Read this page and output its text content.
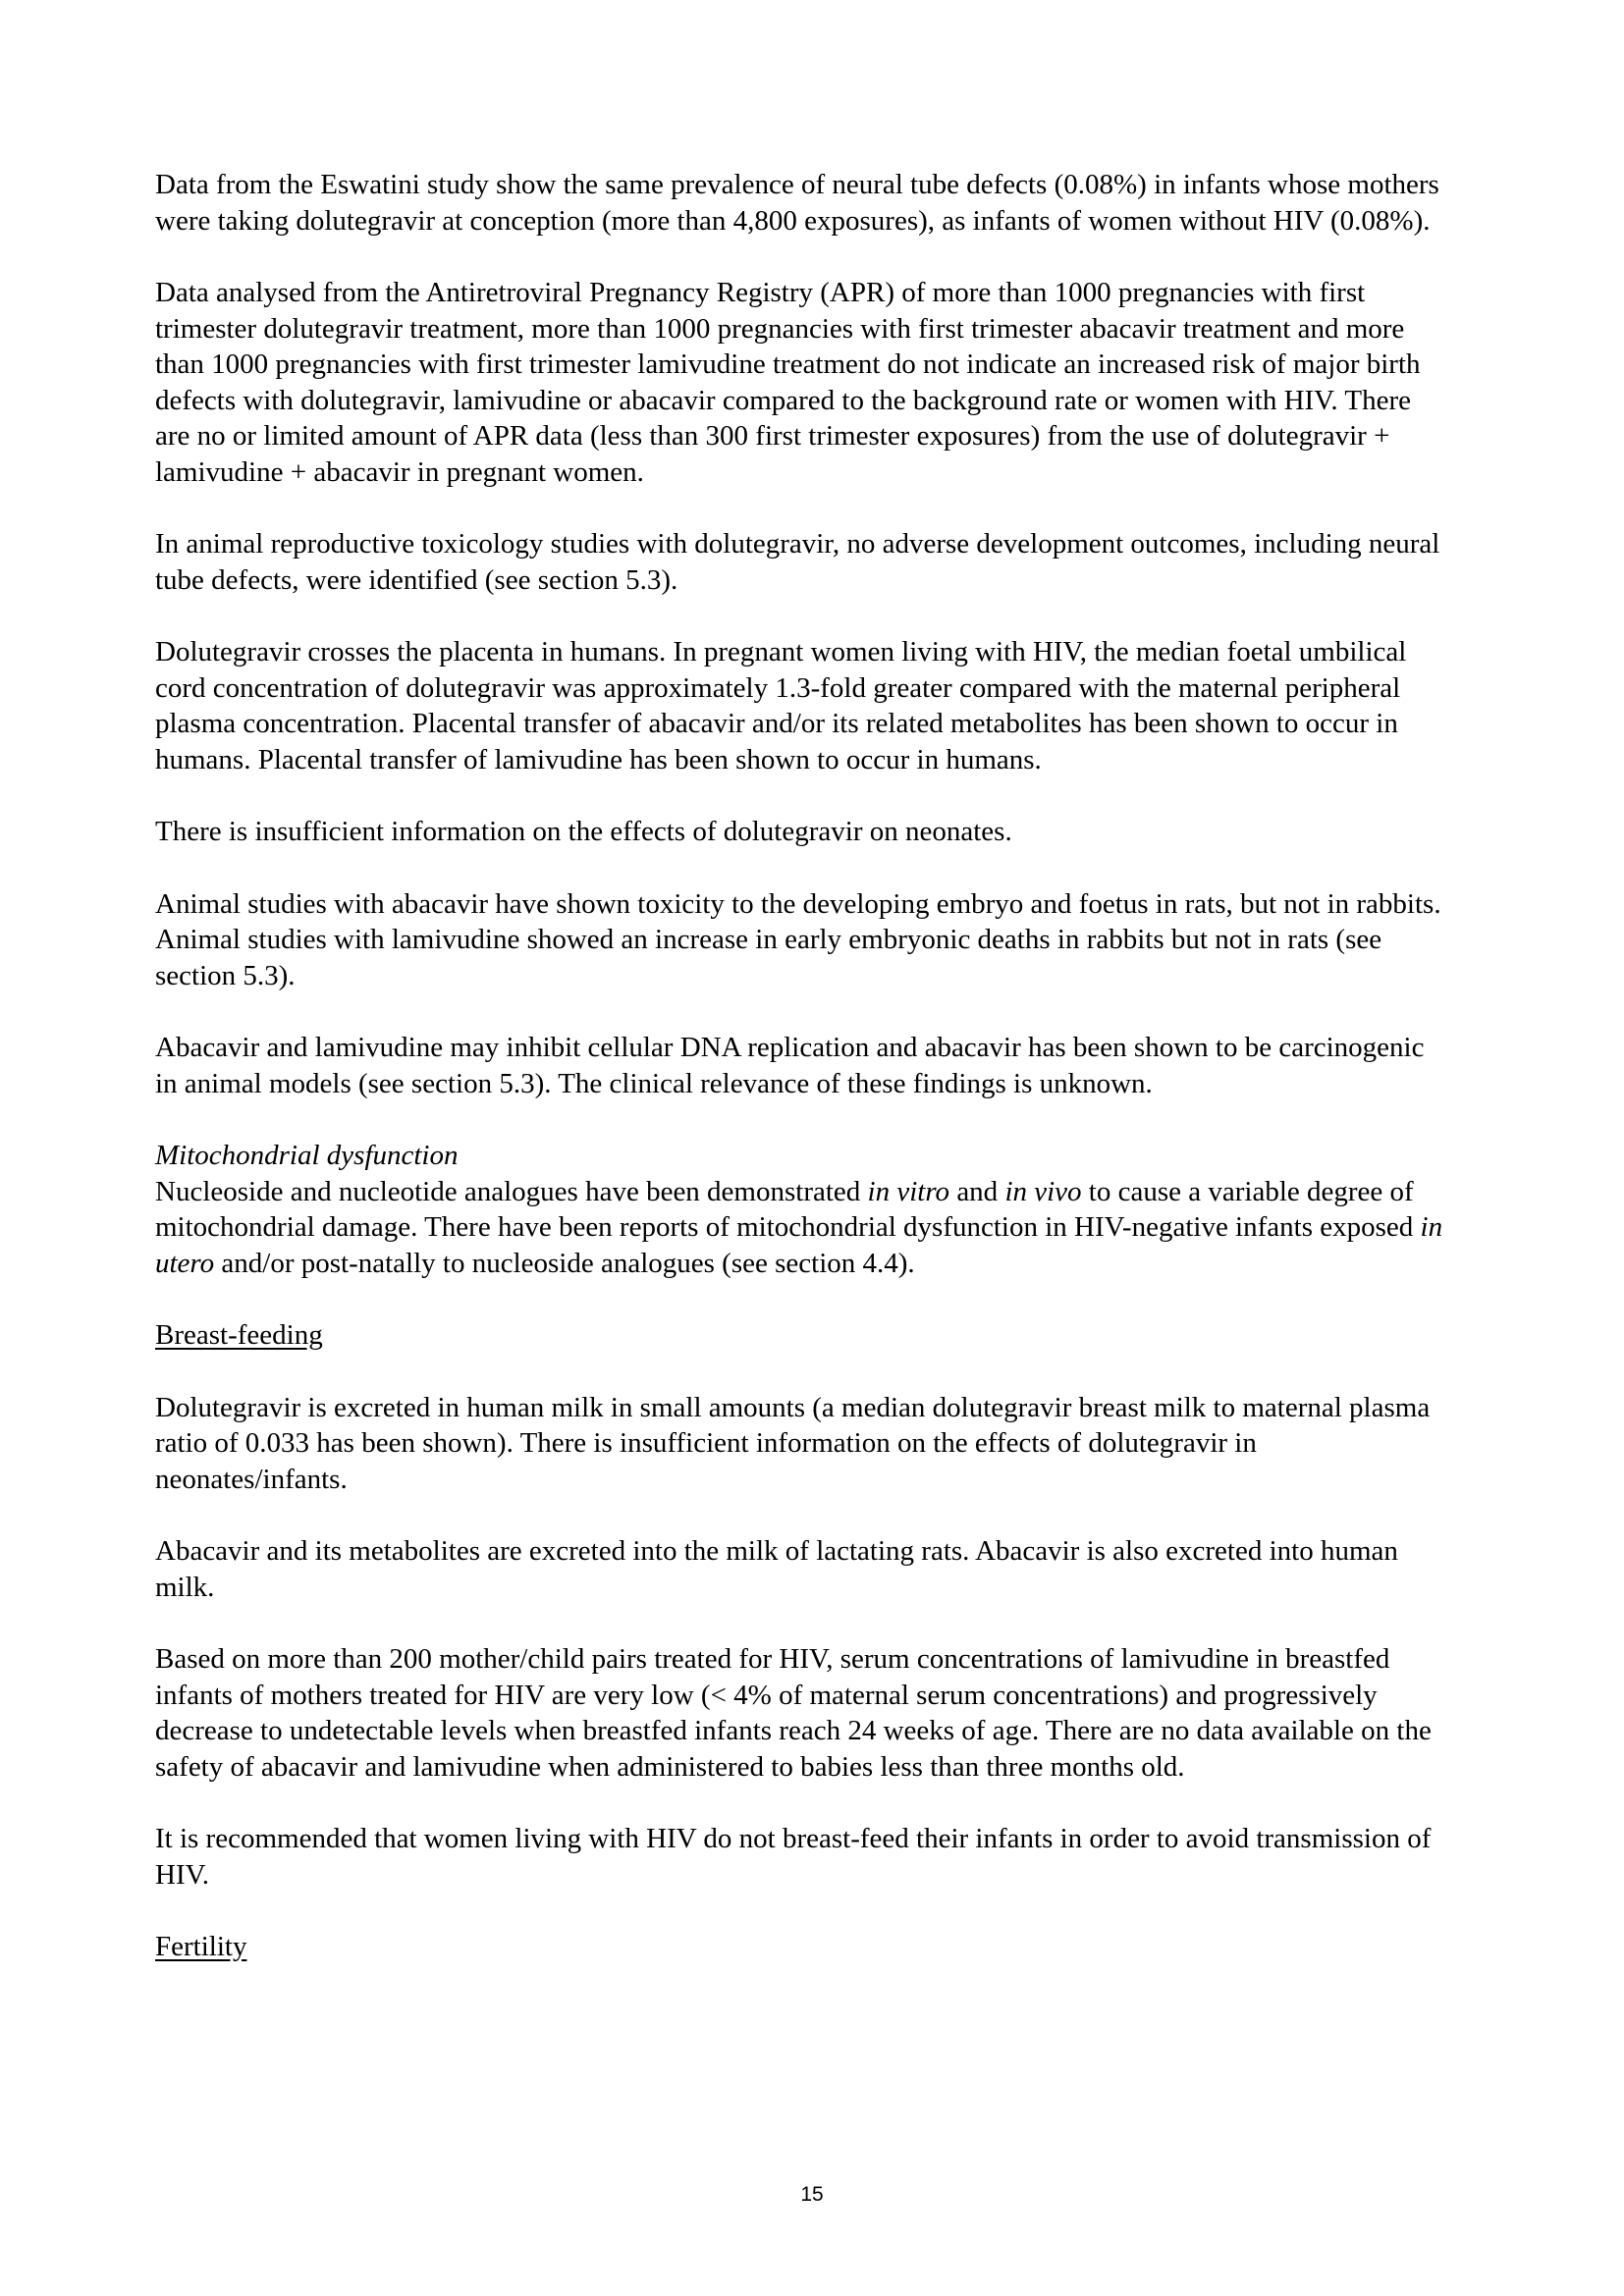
Data from the Eswatini study show the same prevalence of neural tube defects (0.08%) in infants whose mothers were taking dolutegravir at conception (more than 4,800 exposures), as infants of women without HIV (0.08%).

Data analysed from the Antiretroviral Pregnancy Registry (APR) of more than 1000 pregnancies with first trimester dolutegravir treatment, more than 1000 pregnancies with first trimester abacavir treatment and more than 1000 pregnancies with first trimester lamivudine treatment do not indicate an increased risk of major birth defects with dolutegravir, lamivudine or abacavir compared to the background rate or women with HIV. There are no or limited amount of APR data (less than 300 first trimester exposures) from the use of dolutegravir + lamivudine + abacavir in pregnant women.

In animal reproductive toxicology studies with dolutegravir, no adverse development outcomes, including neural tube defects, were identified (see section 5.3).

Dolutegravir crosses the placenta in humans. In pregnant women living with HIV, the median foetal umbilical cord concentration of dolutegravir was approximately 1.3-fold greater compared with the maternal peripheral plasma concentration. Placental transfer of abacavir and/or its related metabolites has been shown to occur in humans. Placental transfer of lamivudine has been shown to occur in humans.

There is insufficient information on the effects of dolutegravir on neonates.

Animal studies with abacavir have shown toxicity to the developing embryo and foetus in rats, but not in rabbits. Animal studies with lamivudine showed an increase in early embryonic deaths in rabbits but not in rats (see section 5.3).

Abacavir and lamivudine may inhibit cellular DNA replication and abacavir has been shown to be carcinogenic in animal models (see section 5.3). The clinical relevance of these findings is unknown.

Mitochondrial dysfunction
Nucleoside and nucleotide analogues have been demonstrated in vitro and in vivo to cause a variable degree of mitochondrial damage. There have been reports of mitochondrial dysfunction in HIV-negative infants exposed in utero and/or post-natally to nucleoside analogues (see section 4.4).

Breast-feeding

Dolutegravir is excreted in human milk in small amounts (a median dolutegravir breast milk to maternal plasma ratio of 0.033 has been shown). There is insufficient information on the effects of dolutegravir in neonates/infants.

Abacavir and its metabolites are excreted into the milk of lactating rats. Abacavir is also excreted into human milk.

Based on more than 200 mother/child pairs treated for HIV, serum concentrations of lamivudine in breastfed infants of mothers treated for HIV are very low (< 4% of maternal serum concentrations) and progressively decrease to undetectable levels when breastfed infants reach 24 weeks of age. There are no data available on the safety of abacavir and lamivudine when administered to babies less than three months old.

It is recommended that women living with HIV do not breast-feed their infants in order to avoid transmission of HIV.

Fertility

15
